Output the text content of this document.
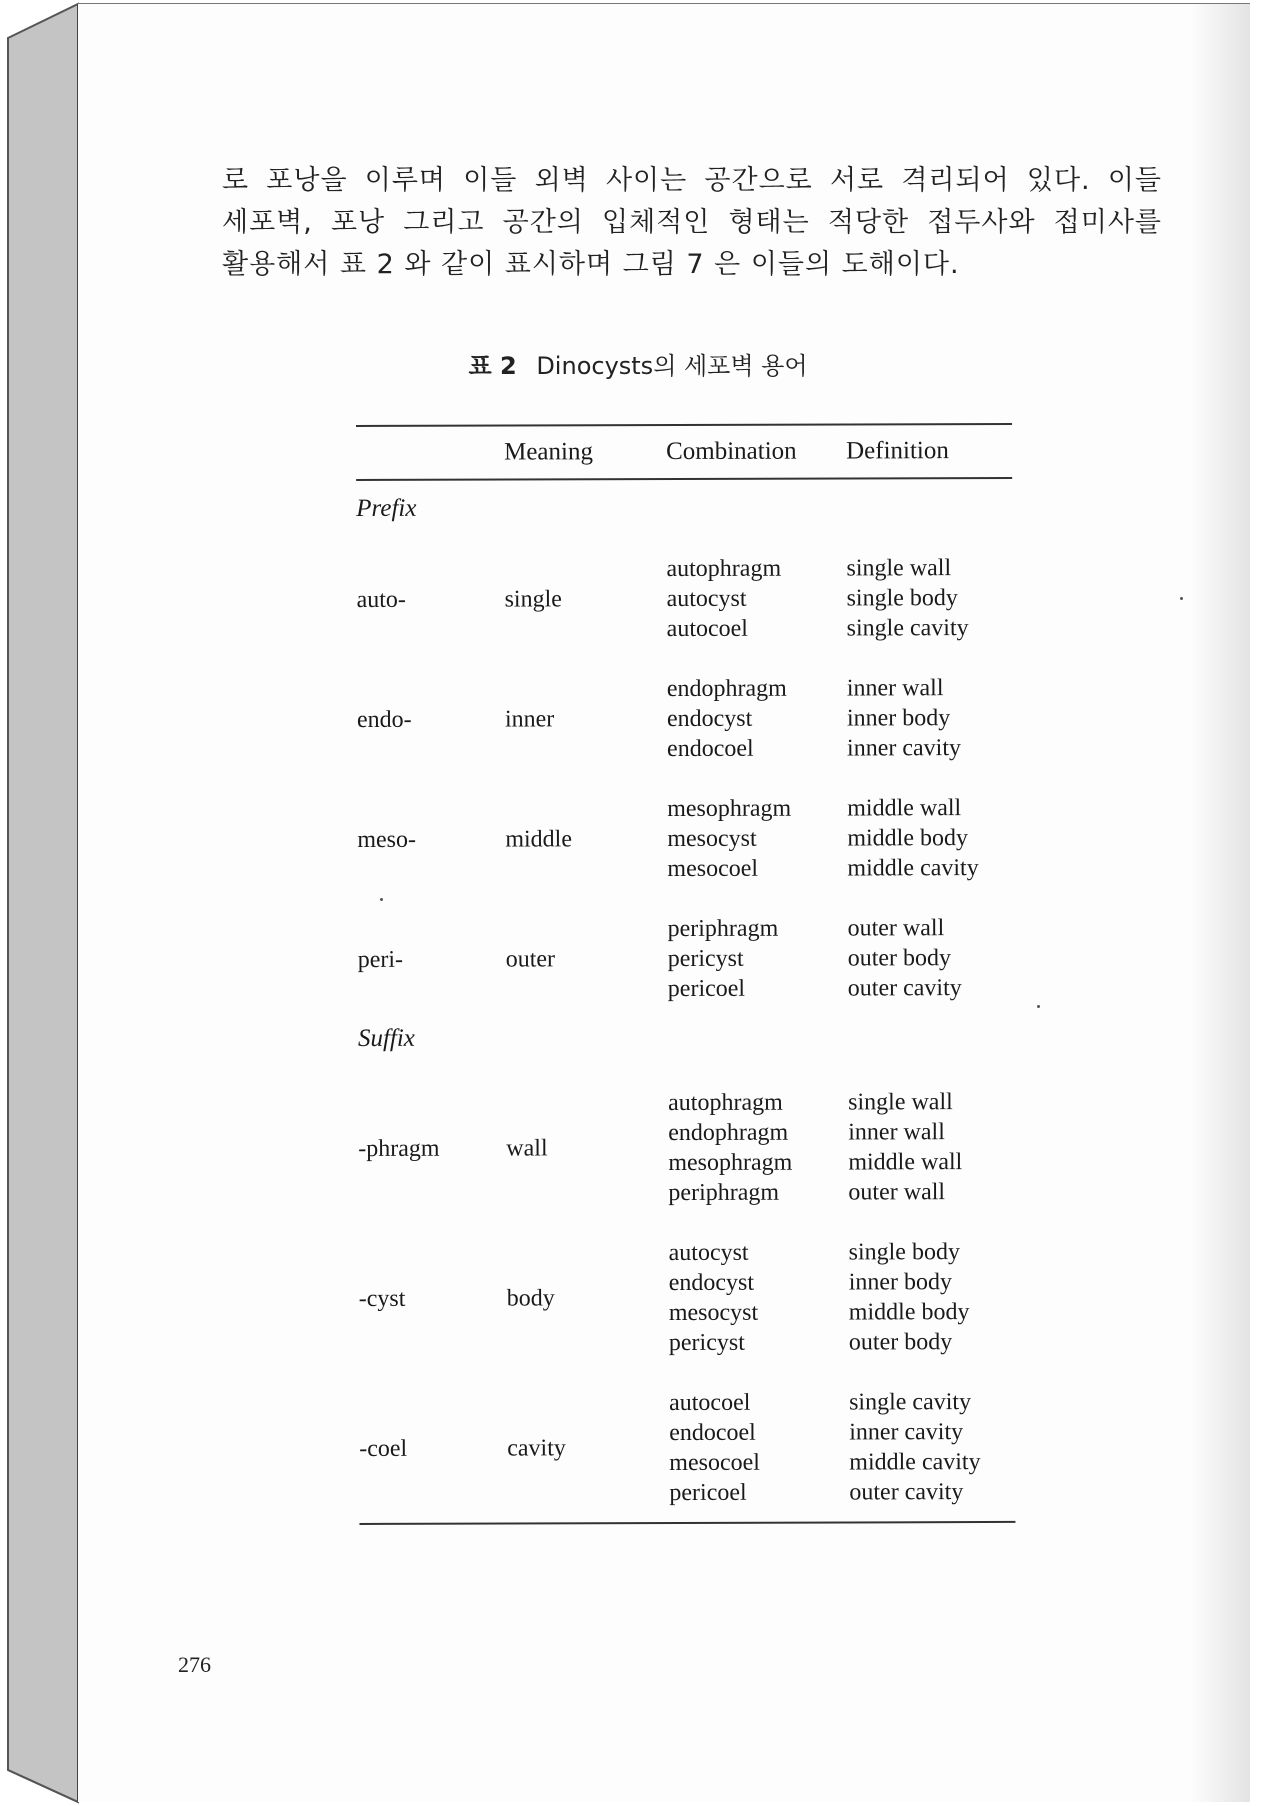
로 포낭을 이루며 이들 외벽 사이는 공간으로 서로 격리되어 있다. 이들
세포벽, 포낭 그리고 공간의 입체적인 형태는 적당한 접두사와 접미사를
활용해서 표 2 와 같이 표시하며 그림 7 은 이들의 도해이다.
표 2 Dinocysts의 세포벽 용어
Meaning	Combination Definition
Prefix
auto-	single
autophragm	single wall
autocyst	single body
autocoel	single cavity
endo-	inner
endophragm inner wall
endocyst	inner body
endocoel	inner cavity
meso-	middle
mesophragm middle wall
mesocyst	middle body
mesocoel	middle cavity
peri-	outer
periphragm	outer wall
pericyst	outer body
pericoel	outer cavity
Suffix
-phragm	wall
autophragm	single wall
endophragm inner wall
mesophragm middle wall
periphragm	outer wall
-cyst	body
autocyst	single body
endocyst	inner body
mesocyst	middle body
pericyst	outer body
-coel	cavity
autocoel	single cavity
endocoel	inner cavity
mesocoel	middle cavity
pericoel	outer cavity
276
